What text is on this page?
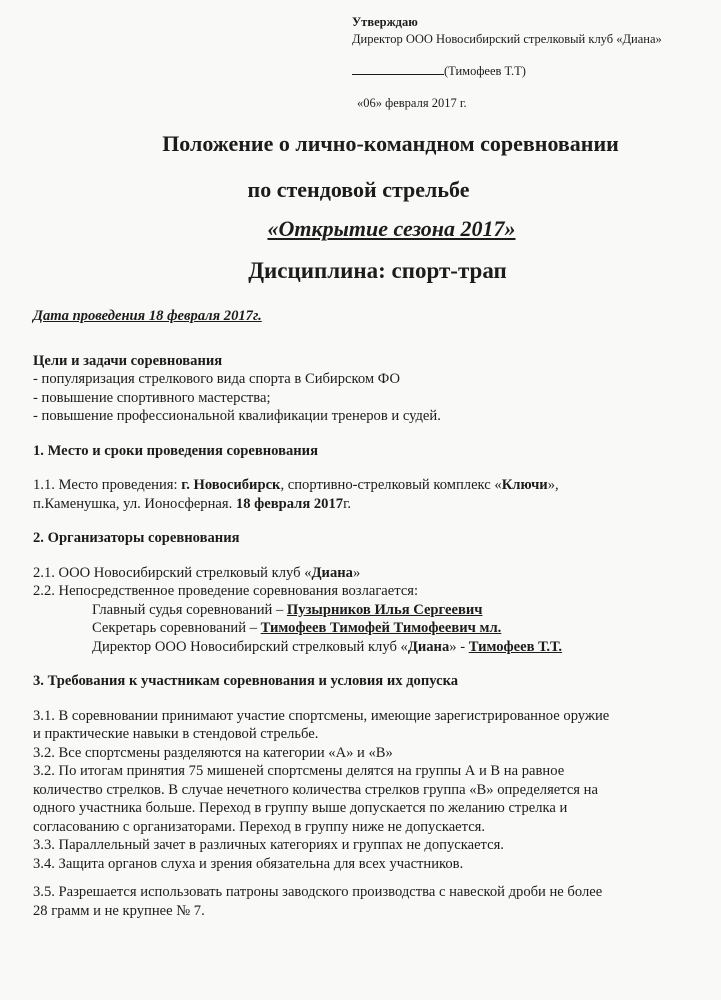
Утверждаю
Директор ООО Новосибирский стрелковый клуб «Диана»
(Тимофеев Т.Т)
«06» февраля 2017 г.
Положение о лично-командном соревновании
по стендовой стрельбе
«Открытие сезона 2017»
Дисциплина: спорт-трап

Дата проведения 18 февраля 2017г.

Цели и задачи соревнования

- популяризация стрелкового вида спорта в Сибирском ФО

- повышение спортивного мастерства;

- повышение профессиональной квалификации тренеров и судей.

1. Место и сроки проведения соревнования

1.1. Место проведения: г. Новосибирск, спортивно-стрелковый комплекс «Ключи»,

п.Каменушка, ул. Ионосферная. 18 февраля 2017г.

2. Организаторы соревнования

2.1. ООО Новосибирский стрелковый клуб «Диана»

2.2. Непосредственное проведение соревнования возлагается:

Главный судья соревнований – Пузырников Илья Сергеевич

Секретарь соревнований – Тимофеев Тимофей Тимофеевич мл.

Директор ООО Новосибирский стрелковый клуб «Диана» - Тимофеев Т.Т.

3. Требования к участникам соревнования и условия их допуска

3.1. В соревновании принимают участие спортсмены, имеющие зарегистрированное оружие

и практические навыки в стендовой стрельбе.

3.2. Все спортсмены разделяются на категории «А» и «В»

3.2. По итогам принятия 75 мишеней спортсмены делятся на группы А и В на равное

количество стрелков. В случае нечетного количества стрелков группа «В» определяется на

одного участника больше. Переход в группу выше допускается по желанию стрелка и

согласованию с организаторами. Переход в группу ниже не допускается.

3.3. Параллельный зачет в различных категориях и группах не допускается.

3.4. Защита органов слуха и зрения обязательна для всех участников.

3.5. Разрешается использовать патроны заводского производства с навеской дроби не более

28 грамм и не крупнее № 7.
